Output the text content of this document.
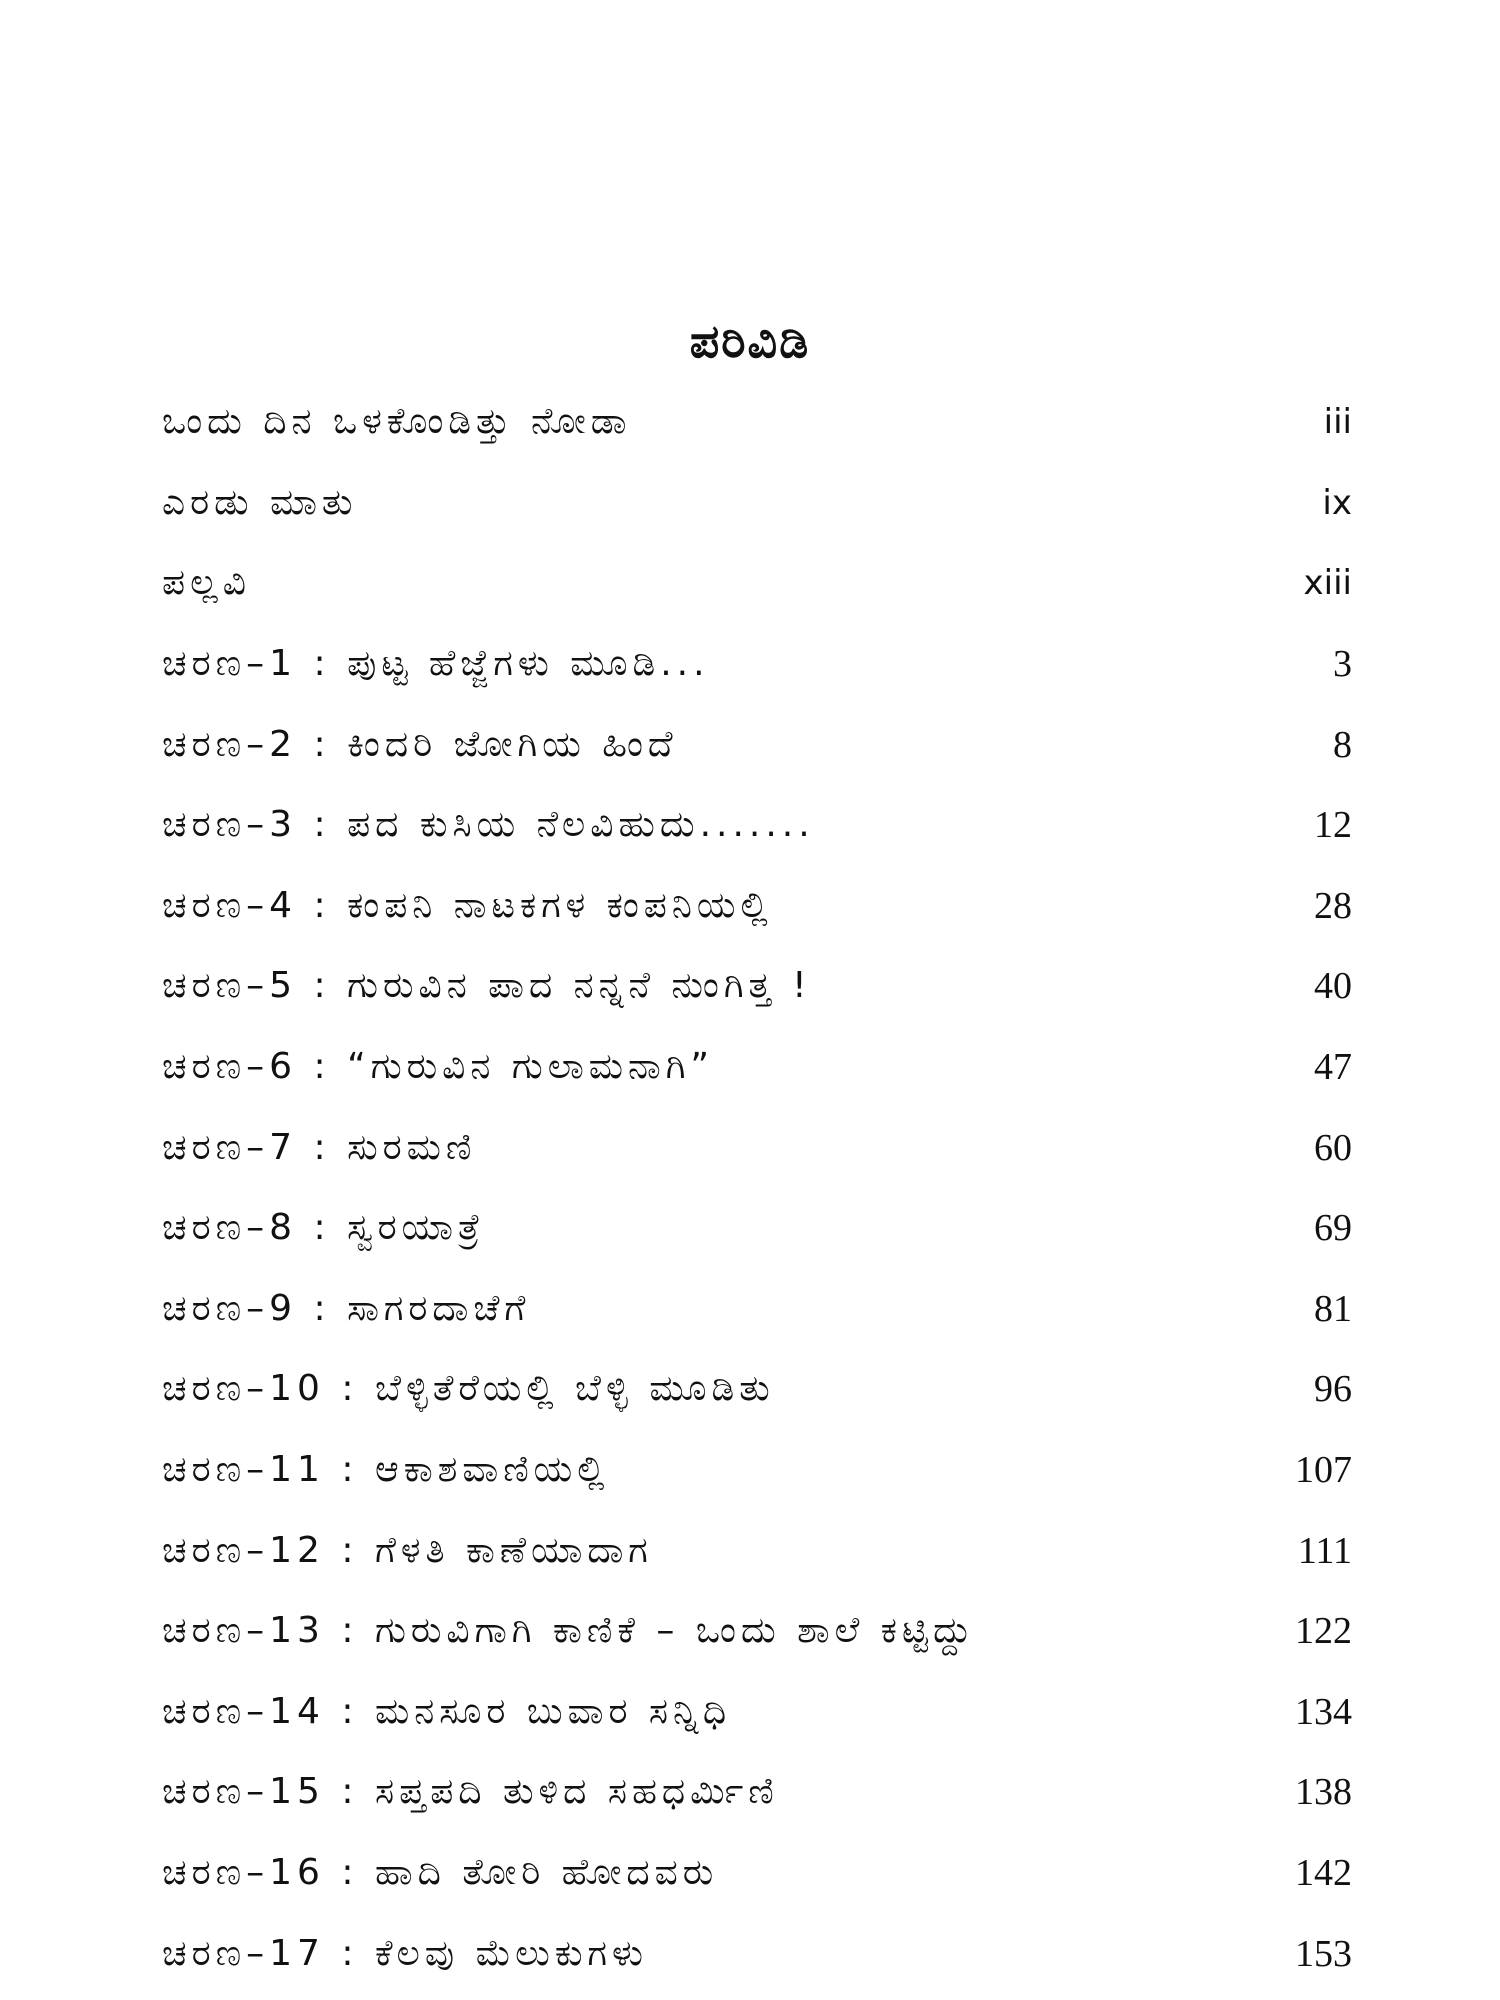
ಪರಿವಿಡಿ
ಒಂದು ದಿನ ಒಳಕೊಂಡಿತ್ತು ನೋಡಾ	iii
ಎರಡು ಮಾತು	ix
ಪಲ್ಲವಿ	xiii
ಚರಣ–1 : ಪುಟ್ಟ ಹೆಜ್ಜೆಗಳು ಮೂಡಿ...	3
ಚರಣ–2 : ಕಿಂದರಿ ಜೋಗಿಯ ಹಿಂದೆ	8
ಚರಣ–3 : ಪದ ಕುಸಿಯ ನೆಲವಿಹುದು.......	12
ಚರಣ–4 : ಕಂಪನಿ ನಾಟಕಗಳ ಕಂಪನಿಯಲ್ಲಿ	28
ಚರಣ–5 : ಗುರುವಿನ ಪಾದ ನನ್ನನೆ ನುಂಗಿತ್ತ !	40
ಚರಣ–6 : “ಗುರುವಿನ ಗುಲಾಮನಾಗಿ”	47
ಚರಣ–7 : ಸುರಮಣಿ	60
ಚರಣ–8 : ಸ್ವರಯಾತ್ರೆ	69
ಚರಣ–9 : ಸಾಗರದಾಚೆಗೆ	81
ಚರಣ–10 : ಬೆಳ್ಳಿತೆರೆಯಲ್ಲಿ ಬೆಳ್ಳಿ ಮೂಡಿತು	96
ಚರಣ–11 : ಆಕಾಶವಾಣಿಯಲ್ಲಿ	107
ಚರಣ–12 : ಗೆಳತಿ ಕಾಣೆಯಾದಾಗ	111
ಚರಣ–13 : ಗುರುವಿಗಾಗಿ ಕಾಣಿಕೆ – ಒಂದು ಶಾಲೆ ಕಟ್ಟಿದ್ದು	122
ಚರಣ–14 : ಮನಸೂರ ಬುವಾರ ಸನ್ನಿಧಿ	134
ಚರಣ–15 : ಸಪ್ತಪದಿ ತುಳಿದ ಸಹಧರ್ಮಿಣಿ	138
ಚರಣ–16 : ಹಾದಿ ತೋರಿ ಹೋದವರು	142
ಚರಣ–17 : ಕೆಲವು ಮೆಲುಕುಗಳು	153
